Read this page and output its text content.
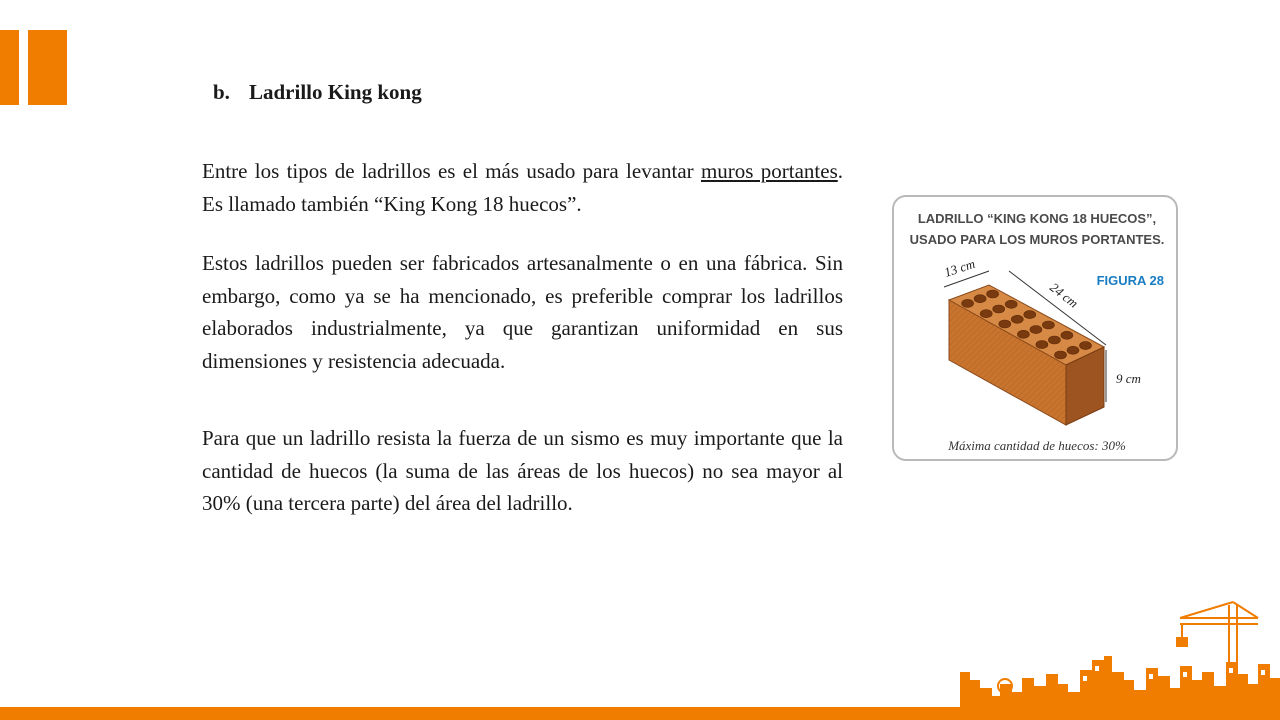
b. Ladrillo King kong

Entre los tipos de ladrillos es el más usado para levantar muros portantes. Es llamado también “King Kong 18 huecos”.

Estos ladrillos pueden ser fabricados artesanalmente o en una fábrica. Sin embargo, como ya se ha mencionado, es preferible comprar los ladrillos elaborados industrialmente, ya que garantizan uniformidad en sus dimensiones y resistencia adecuada.

Para que un ladrillo resista la fuerza de un sismo es muy importante que la cantidad de huecos (la suma de las áreas de los huecos) no sea mayor al 30% (una tercera parte) del área del ladrillo.

LADRILLO “KING KONG 18 HUECOS”,
USADO PARA LOS MUROS PORTANTES.
FIGURA 28
13 cm
24 cm
9 cm
Máxima cantidad de huecos: 30%
